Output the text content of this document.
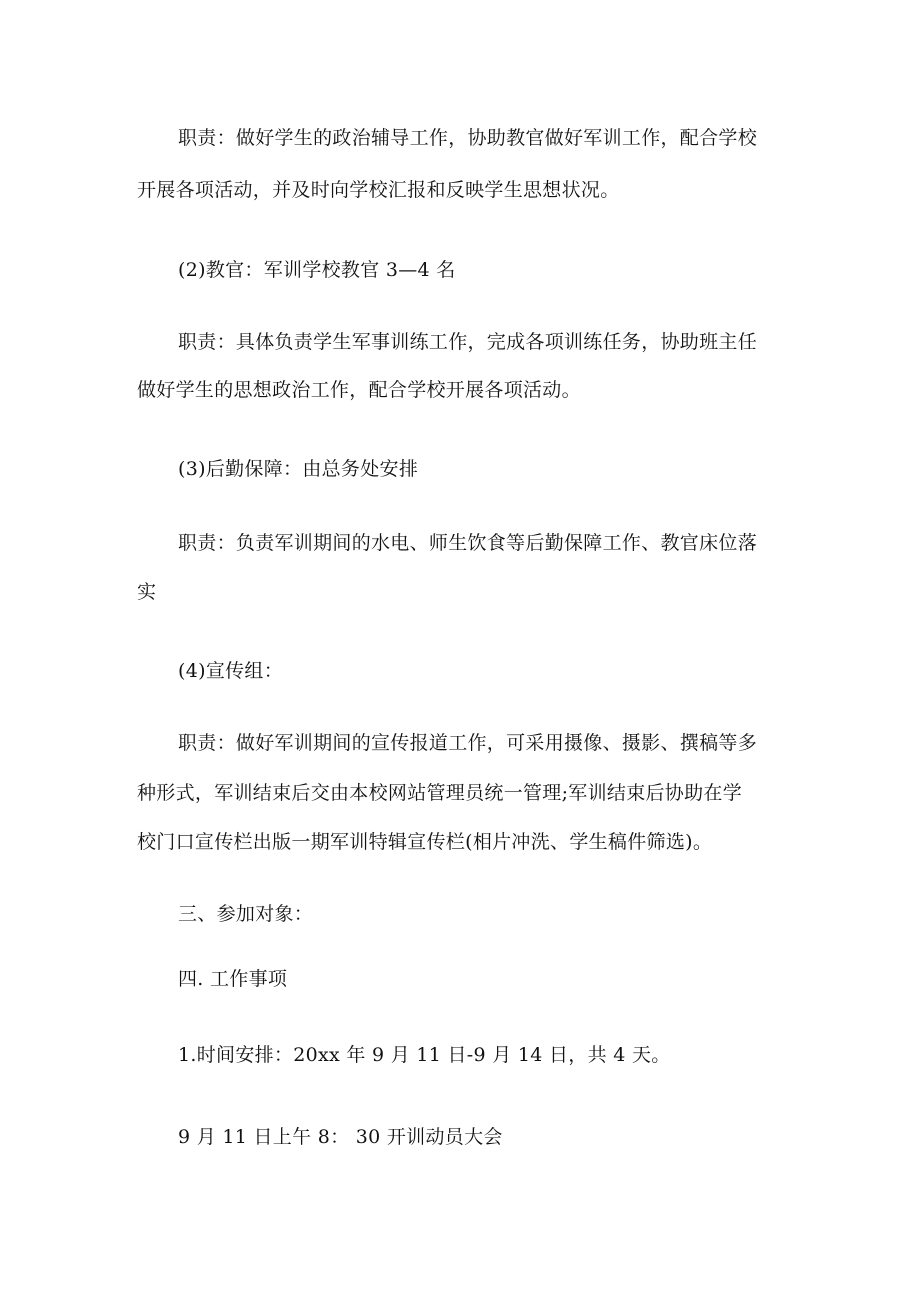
职责：做好学生的政治辅导工作，协助教官做好军训工作，配合学校
开展各项活动，并及时向学校汇报和反映学生思想状况。
(2)教官：军训学校教官 3—4 名
职责：具体负责学生军事训练工作，完成各项训练任务，协助班主任
做好学生的思想政治工作，配合学校开展各项活动。
(3)后勤保障：由总务处安排
职责：负责军训期间的水电、师生饮食等后勤保障工作、教官床位落
实
(4)宣传组：
职责：做好军训期间的宣传报道工作，可采用摄像、摄影、撰稿等多
种形式，军训结束后交由本校网站管理员统一管理;军训结束后协助在学
校门口宣传栏出版一期军训特辑宣传栏(相片冲洗、学生稿件筛选)。
三、参加对象：
四. 工作事项
1.时间安排：20xx 年 9 月 11 日-9 月 14 日，共 4 天。
9 月 11 日上午 8： 30 开训动员大会
